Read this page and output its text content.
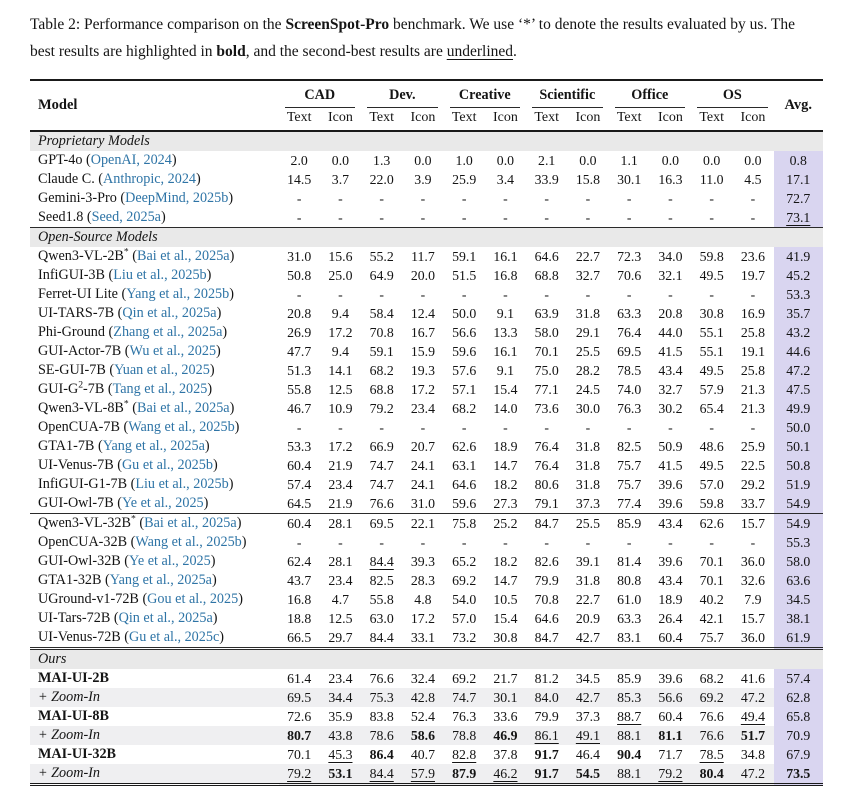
Table 2: Performance comparison on the ScreenSpot-Pro benchmark. We use ‘*’ to denote the results evaluated by us. The best results are highlighted in bold, and the second-best results are underlined.

Model	CAD		Dev.		Creative		Scientific		Office		OS		Avg.
	Text	Icon	Text	Icon	Text	Icon	Text	Icon	Text	Icon	Text	Icon	
Proprietary Models													
GPT-4o (OpenAI, 2024)	2.0	0.0	1.3	0.0	1.0	0.0	2.1	0.0	1.1	0.0	0.0	0.0	0.8
Claude C. (Anthropic, 2024)	14.5	3.7	22.0	3.9	25.9	3.4	33.9	15.8	30.1	16.3	11.0	4.5	17.1
Gemini-3-Pro (DeepMind, 2025b)	-	-	-	-	-	-	-	-	-	-	-	-	72.7
Seed1.8 (Seed, 2025a)	-	-	-	-	-	-	-	-	-	-	-	-	73.1
Open-Source Models													
Qwen3-VL-2B* (Bai et al., 2025a)	31.0	15.6	55.2	11.7	59.1	16.1	64.6	22.7	72.3	34.0	59.8	23.6	41.9
InfiGUI-3B (Liu et al., 2025b)	50.8	25.0	64.9	20.0	51.5	16.8	68.8	32.7	70.6	32.1	49.5	19.7	45.2
Ferret-UI Lite (Yang et al., 2025b)	-	-	-	-	-	-	-	-	-	-	-	-	53.3
UI-TARS-7B (Qin et al., 2025a)	20.8	9.4	58.4	12.4	50.0	9.1	63.9	31.8	63.3	20.8	30.8	16.9	35.7
Phi-Ground (Zhang et al., 2025a)	26.9	17.2	70.8	16.7	56.6	13.3	58.0	29.1	76.4	44.0	55.1	25.8	43.2
GUI-Actor-7B (Wu et al., 2025)	47.7	9.4	59.1	15.9	59.6	16.1	70.1	25.5	69.5	41.5	55.1	19.1	44.6
SE-GUI-7B (Yuan et al., 2025)	51.3	14.1	68.2	19.3	57.6	9.1	75.0	28.2	78.5	43.4	49.5	25.8	47.2
GUI-$G^2-7B$ (Tang et al., 2025)	55.8	12.5	68.8	17.2	57.1	15.4	77.1	24.5	74.0	32.7	57.9	21.3	47.5
Qwen3-VL-8B* (Bai et al., 2025a)	46.7	10.9	79.2	23.4	68.2	14.0	73.6	30.0	76.3	30.2	65.4	21.3	49.9
OpenCUA-7B (Wang et al., 2025b)	-	-	-	-	-	-	-	-	-	-	-	-	50.0
GTA1-7B (Yang et al., 2025a)	53.3	17.2	66.9	20.7	62.6	18.9	76.4	31.8	82.5	50.9	48.6	25.9	50.1
UI-Venus-7B (Gu et al., 2025b)	60.4	21.9	74.7	24.1	63.1	14.7	76.4	31.8	75.7	41.5	49.5	22.5	50.8
InfiGUI-G1-7B (Liu et al., 2025b)	57.4	23.4	74.7	24.1	64.6	18.2	80.6	31.8	75.7	39.6	57.0	29.2	51.9
GUI-Owl-7B (Ye et al., 2025)	64.5	21.9	76.6	31.0	59.6	27.3	79.1	37.3	77.4	39.6	59.8	33.7	54.9
Qwen3-VL-32B* (Bai et al., 2025a)	60.4	28.1	69.5	22.1	75.8	25.2	84.7	25.5	85.9	43.4	62.6	15.7	54.9
OpenCUA-32B (Wang et al., 2025b)	-	-	-	-	-	-	-	-	-	-	-	-	55.3
GUI-Owl-32B (Ye et al., 2025)	62.4	28.1	84.4	39.3	65.2	18.2	82.6	39.1	81.4	39.6	70.1	36.0	58.0
GTA1-32B (Yang et al., 2025a)	43.7	23.4	82.5	28.3	69.2	14.7	79.9	31.8	80.8	43.4	70.1	32.6	63.6
UGround-v1-72B (Gou et al., 2025)	16.8	4.7	55.8	4.8	54.0	10.5	70.8	22.7	61.0	18.9	40.2	7.9	34.5
UI-Tars-72B (Qin et al., 2025a)	18.8	12.5	63.0	17.2	57.0	15.4	64.6	20.9	63.3	26.4	42.1	15.7	38.1
UI-Venus-72B (Gu et al., 2025c)	66.5	29.7	84.4	33.1	73.2	30.8	84.7	42.7	83.1	60.4	75.7	36.0	61.9
Ours													
MAI-UI-2B	61.4	23.4	76.6	32.4	69.2	21.7	81.2	34.5	85.9	39.6	68.2	41.6	57.4
+ Zoom-In	69.5	34.4	75.3	42.8	74.7	30.1	84.0	42.7	85.3	56.6	69.2	47.2	62.8
MAI-UI-8B	72.6	35.9	83.8	52.4	76.3	33.6	79.9	37.3	88.7	60.4	76.6	49.4	65.8
+ Zoom-In	80.7	43.8	78.6	58.6	78.8	46.9	86.1	49.1	88.1	81.1	76.6	51.7	70.9
MAI-UI-32B	70.1	45.3	86.4	40.7	82.8	37.8	91.7	46.4	90.4	71.7	78.5	34.8	67.9
+ Zoom-In	79.2	53.1	84.4	57.9	87.9	46.2	91.7	54.5	88.1	79.2	80.4	47.2	73.5
